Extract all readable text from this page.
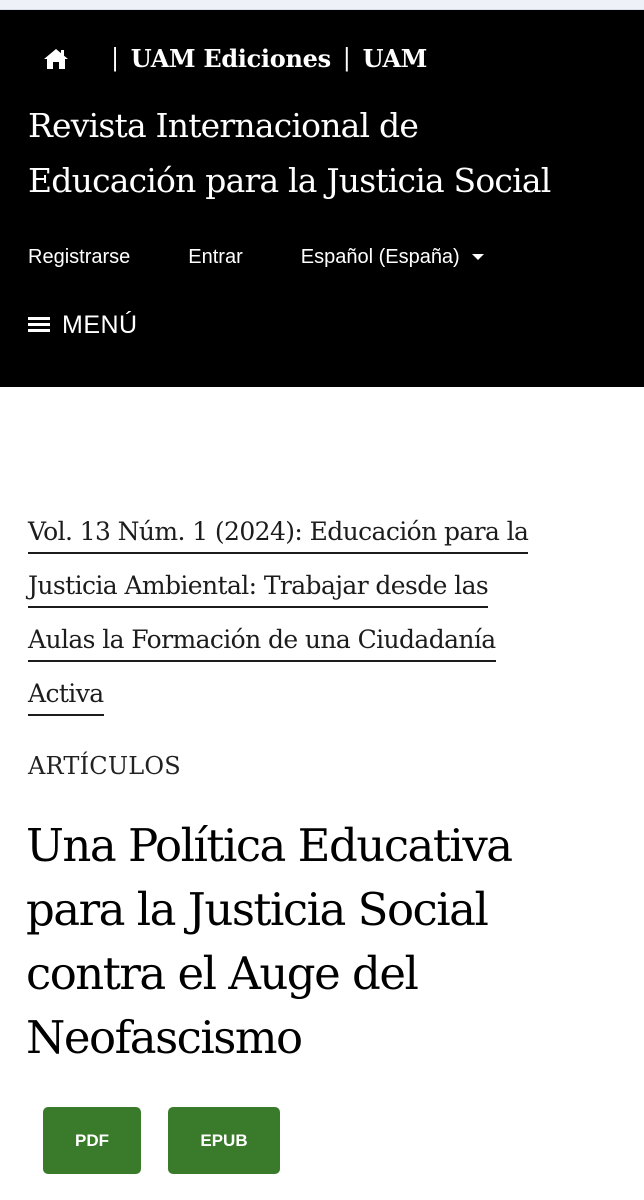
| UAM Ediciones | UAM
Revista Internacional de
Educación para la Justicia Social
Registrarse	Entrar	Español (España)
MENÚ
Vol. 13 Núm. 1 (2024): Educación para la
Justicia Ambiental: Trabajar desde las
Aulas la Formación de una Ciudadanía
Activa

ARTÍCULOS

Una Política Educativa
para la Justicia Social
contra el Auge del
Neofascismo
PDF	EPUB
